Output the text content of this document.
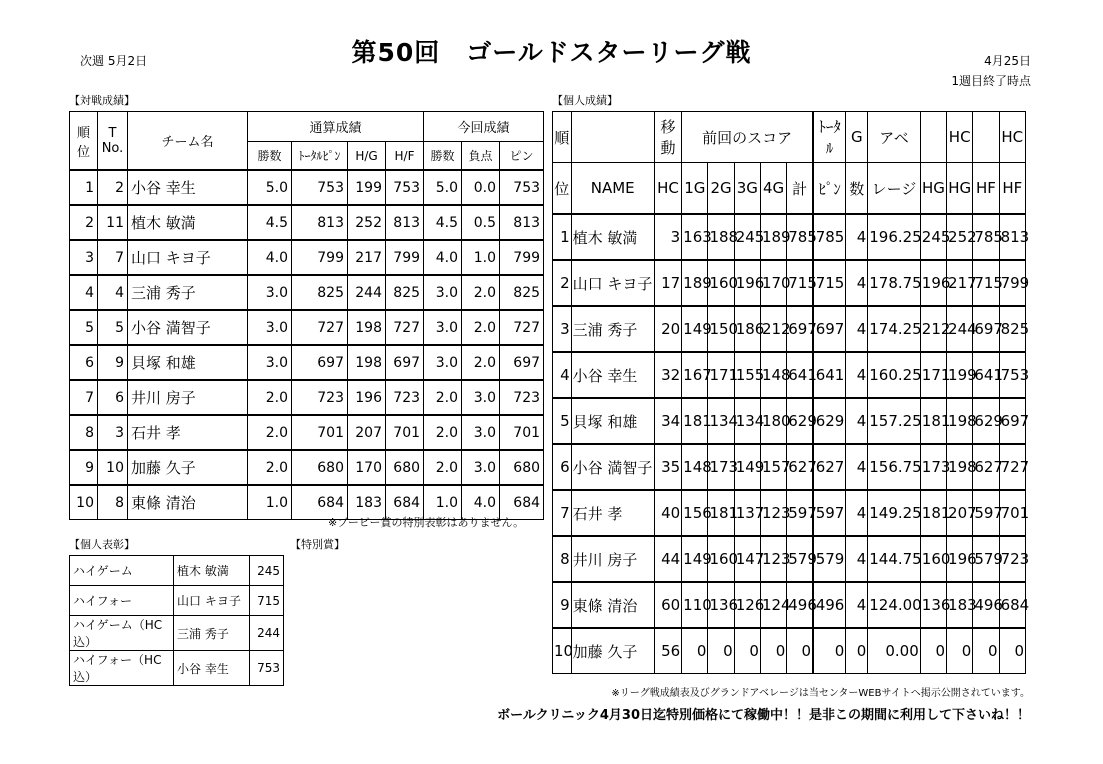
第50回　ゴールドスターリーグ戦
次週 5月2日	4月25日
1週目終了時点
【対戦成績】	【個人成績】
順
位	T
No.	チーム名	通算成績				今回成績		
			勝数	ﾄｰﾀﾙﾋﾟﾝ	H/G	H/F	勝数	負点	ピン
1	2	小谷 幸生	5.0	753	199	753	5.0	0.0	753
2	11	植木 敏満	4.5	813	252	813	4.5	0.5	813
3	7	山口 キヨ子	4.0	799	217	799	4.0	1.0	799
4	4	三浦 秀子	3.0	825	244	825	3.0	2.0	825
5	5	小谷 満智子	3.0	727	198	727	3.0	2.0	727
6	9	貝塚 和雄	3.0	697	198	697	3.0	2.0	697
7	6	井川 房子	2.0	723	196	723	2.0	3.0	723
8	3	石井 孝	2.0	701	207	701	2.0	3.0	701
9	10	加藤 久子	2.0	680	170	680	2.0	3.0	680
10	8	東條 清治	1.0	684	183	684	1.0	4.0	684
※ブービー賞の特別表彰はありません。
【個人表彰】	【特別賞】
ハイゲーム	植木 敏満	245
ハイフォー	山口 キヨ子	715
ハイゲーム（HC込）	三浦 秀子	244
ハイフォー（HC込）	小谷 幸生	753
順		移動	前回のスコア					ﾄｰﾀﾙ	G	アベ		HC		HC
位	NAME	HC	1G	2G	3G	4G	計	ﾋﾟﾝ	数	レージ	HG	HG	HF	HF
1	植木 敏満	3	163	188	245	189	785	785	4	196.25	245	252	785	813
2	山口 キヨ子	17	189	160	196	170	715	715	4	178.75	196	217	715	799
3	三浦 秀子	20	149	150	186	212	697	697	4	174.25	212	244	697	825
4	小谷 幸生	32	167	171	155	148	641	641	4	160.25	171	199	641	753
5	貝塚 和雄	34	181	134	134	180	629	629	4	157.25	181	198	629	697
6	小谷 満智子	35	148	173	149	157	627	627	4	156.75	173	198	627	727
7	石井 孝	40	156	181	137	123	597	597	4	149.25	181	207	597	701
8	井川 房子	44	149	160	147	123	579	579	4	144.75	160	196	579	723
9	東條 清治	60	110	136	126	124	496	496	4	124.00	136	183	496	684
10	加藤 久子	56	0	0	0	0	0	0	0	0.00	0	0	0	0
※リーグ戦成績表及びグランドアベレージは当センターWEBサイトへ掲示公開されています。
ボールクリニック4月30日迄特別価格にて稼働中！！是非この期間に利用して下さいね！！
